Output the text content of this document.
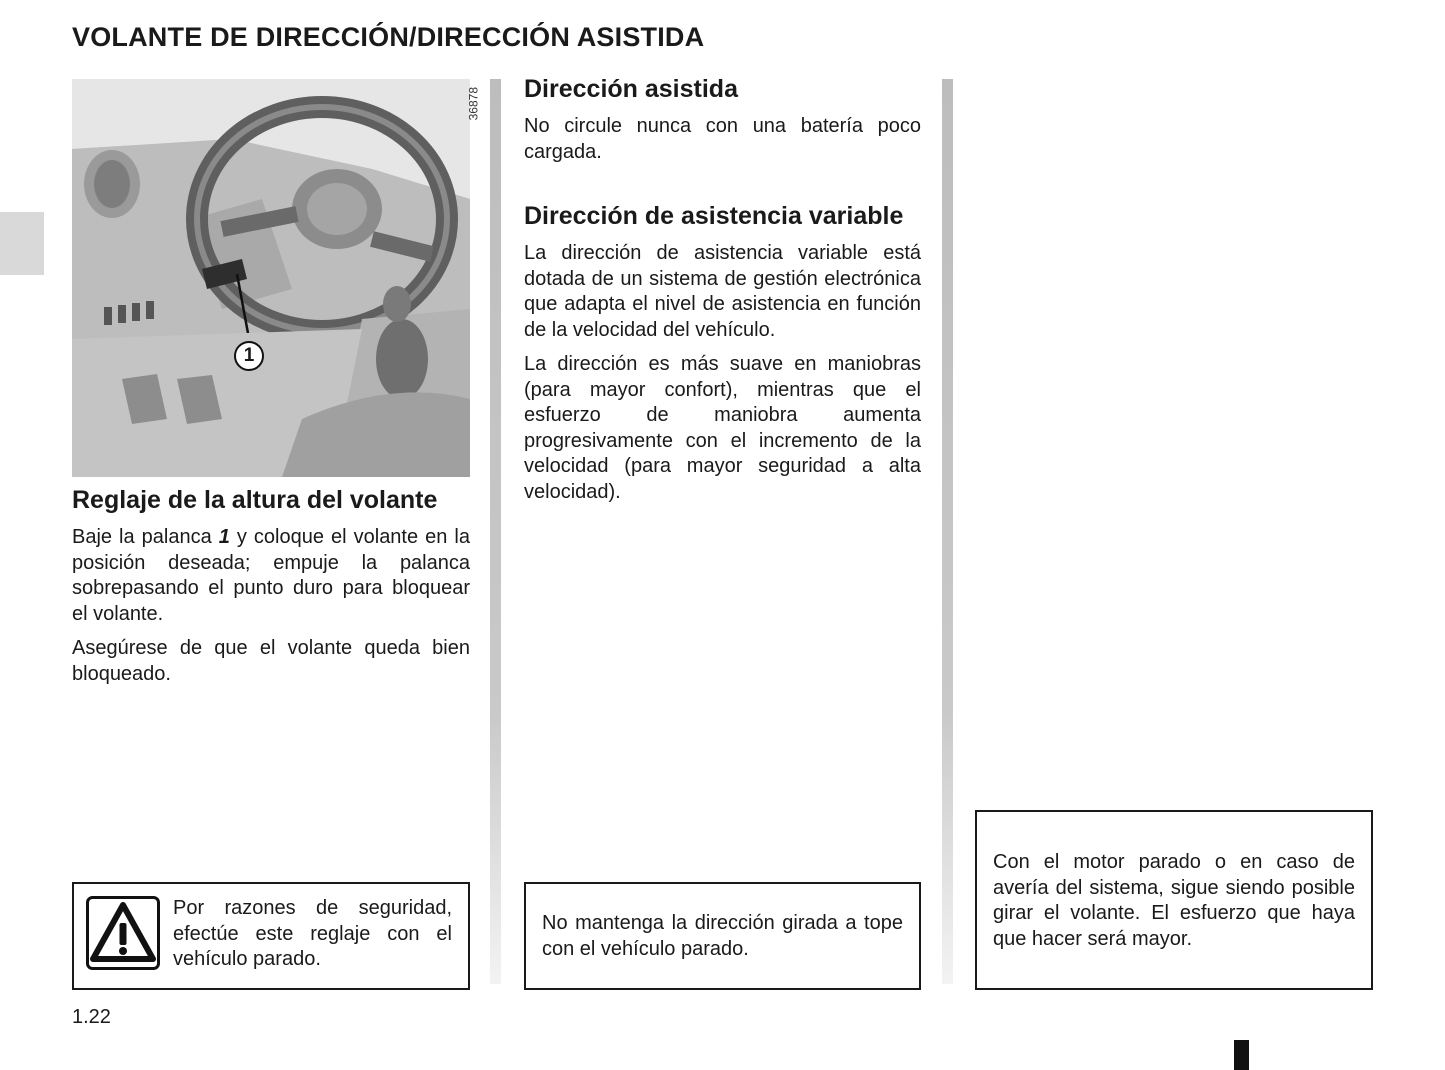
VOLANTE DE DIRECCIÓN/DIRECCIÓN ASISTIDA
36878
1
Reglaje de la altura del volante

Baje la palanca 1 y coloque el volante en la posición deseada; empuje la palanca sobrepasando el punto duro para bloquear el volante.

Asegúrese de que el volante queda bien bloqueado.

Dirección asistida

No circule nunca con una batería poco cargada.

Dirección de asistencia variable

La dirección de asistencia variable está dotada de un sistema de gestión electrónica que adapta el nivel de asistencia en función de la velocidad del vehículo.

La dirección es más suave en maniobras (para mayor confort), mientras que el esfuerzo de maniobra aumenta progresivamente con el incremento de la velocidad (para mayor seguridad a alta velocidad).

Por razones de seguridad, efectúe este reglaje con el vehículo parado.
No mantenga la dirección girada a tope con el vehículo parado.
Con el motor parado o en caso de avería del sistema, sigue siendo posible girar el volante. El esfuerzo que haya que hacer será mayor.
1.22
